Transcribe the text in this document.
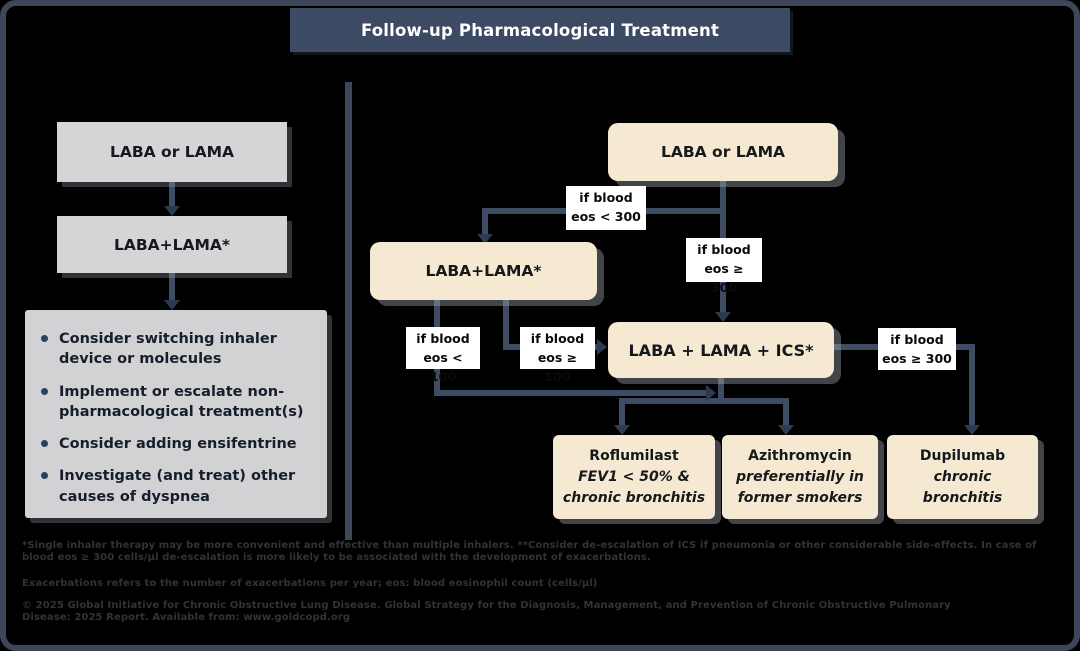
Follow-up Pharmacological Treatment
LABA or LAMA
LABA+LAMA*
Consider switching inhaler device or molecules
Implement or escalate non-pharmacological treatment(s)
Consider adding ensifentrine
Investigate (and treat) other causes of dyspnea
LABA or LAMA
if blood
eos < 300
if blood
eos ≥ 300
LABA+LAMA*
if blood
eos < 100
if blood
eos ≥ 100
LABA + LAMA + ICS*
if blood
eos ≥ 300
Roflumilast
FEV1 < 50% &
chronic bronchitis
Azithromycin
preferentially in
former smokers
Dupilumab
chronic
bronchitis
*Single inhaler therapy may be more convenient and effective than multiple inhalers. **Consider de-escalation of ICS if pneumonia or other considerable side-effects. In case of blood eos ≥ 300 cells/µl de-escalation is more likely to be associated with the development of exacerbations.
Exacerbations refers to the number of exacerbations per year; eos: blood eosinophil count (cells/µl)
© 2025 Global Initiative for Chronic Obstructive Lung Disease. Global Strategy for the Diagnosis, Management, and Prevention of Chronic Obstructive Pulmonary Disease: 2025 Report. Available from: www.goldcopd.org
